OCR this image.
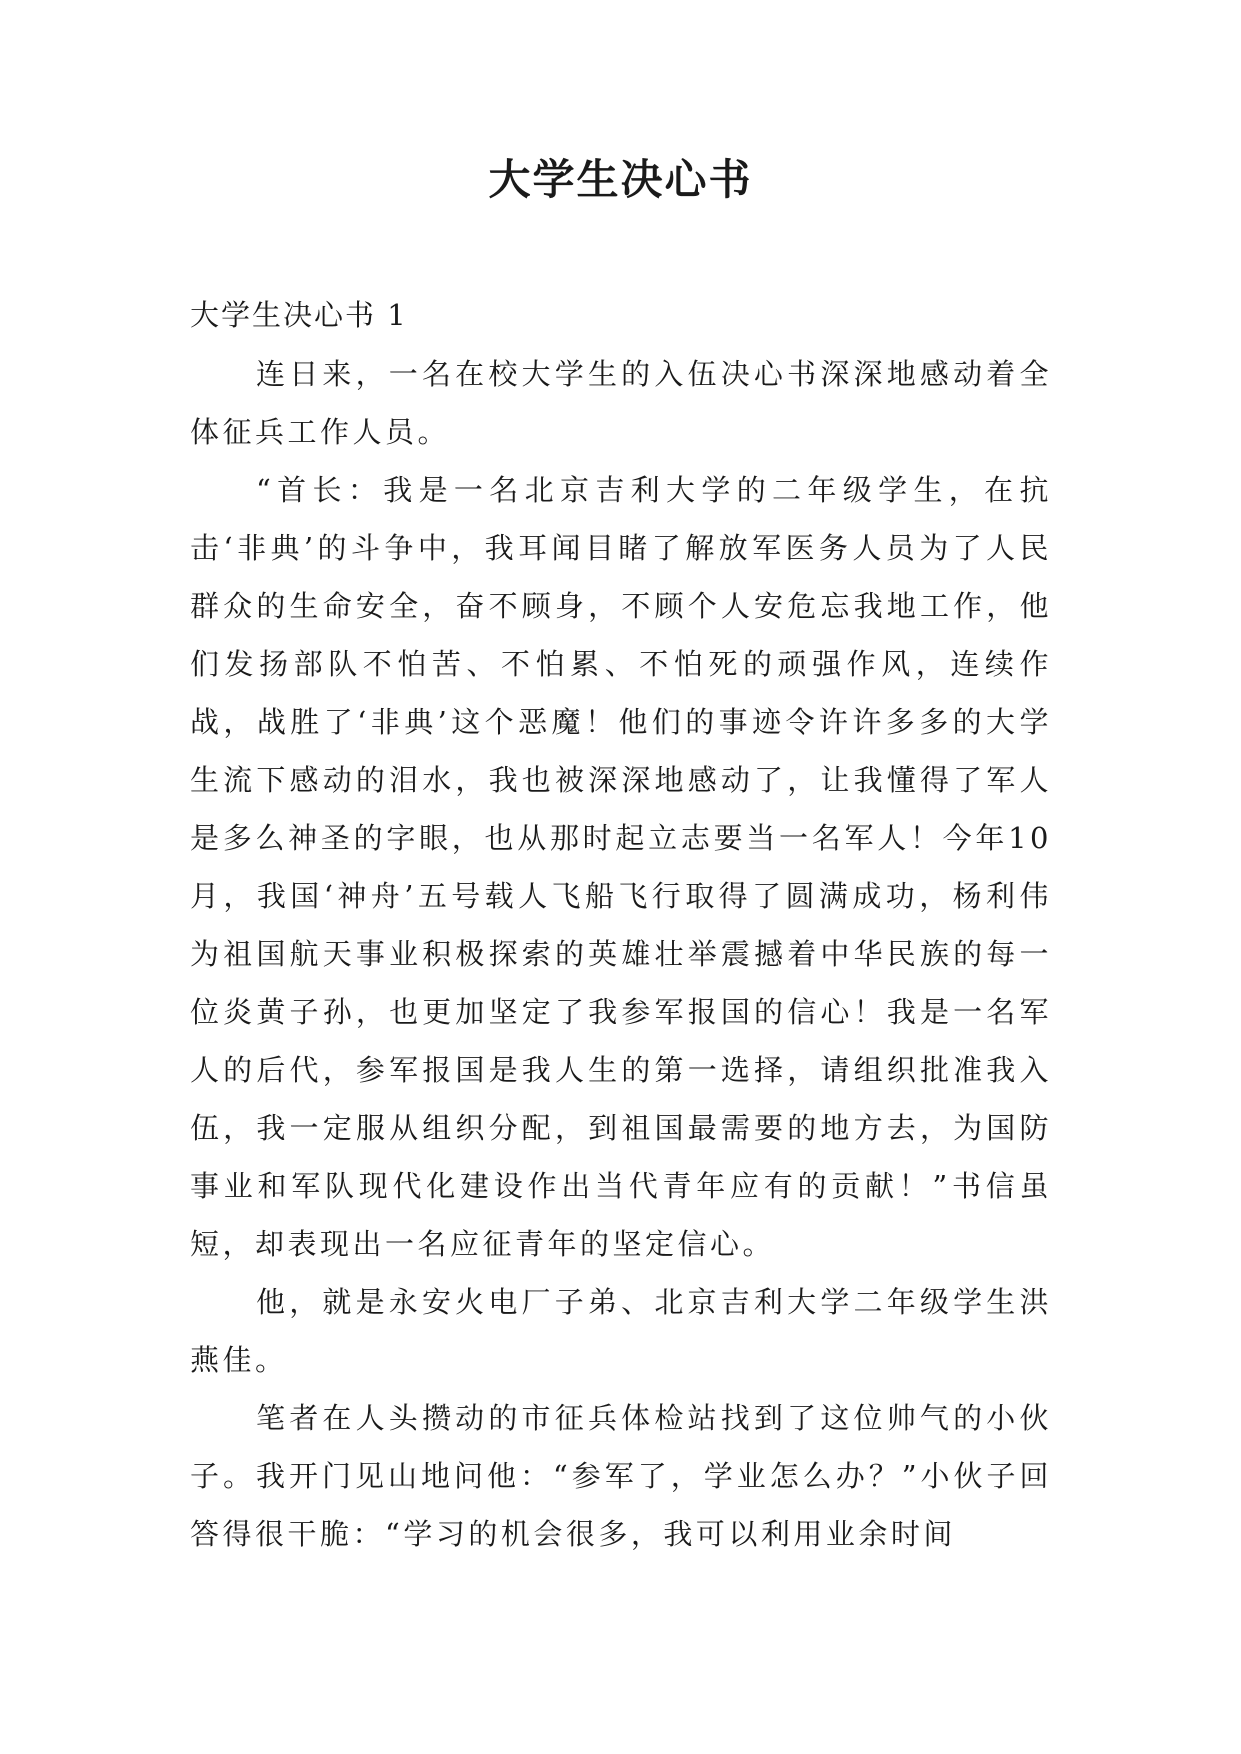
大学生决心书
大学生决心书 1

连日来，一名在校大学生的入伍决心书深深地感动着全体征兵工作人员。

“首长：我是一名北京吉利大学的二年级学生，在抗击‘非典’的斗争中，我耳闻目睹了解放军医务人员为了人民群众的生命安全，奋不顾身，不顾个人安危忘我地工作，他们发扬部队不怕苦、不怕累、不怕死的顽强作风，连续作战，战胜了‘非典’这个恶魔！他们的事迹令许许多多的大学生流下感动的泪水，我也被深深地感动了，让我懂得了军人是多么神圣的字眼，也从那时起立志要当一名军人！今年10月，我国‘神舟’五号载人飞船飞行取得了圆满成功，杨利伟为祖国航天事业积极探索的英雄壮举震撼着中华民族的每一位炎黄子孙，也更加坚定了我参军报国的信心！我是一名军人的后代，参军报国是我人生的第一选择，请组织批准我入伍，我一定服从组织分配，到祖国最需要的地方去，为国防事业和军队现代化建设作出当代青年应有的贡献！”书信虽短，却表现出一名应征青年的坚定信心。

他，就是永安火电厂子弟、北京吉利大学二年级学生洪燕佳。

笔者在人头攒动的市征兵体检站找到了这位帅气的小伙子。我开门见山地问他：“参军了，学业怎么办？”小伙子回答得很干脆：“学习的机会很多，我可以利用业余时间
